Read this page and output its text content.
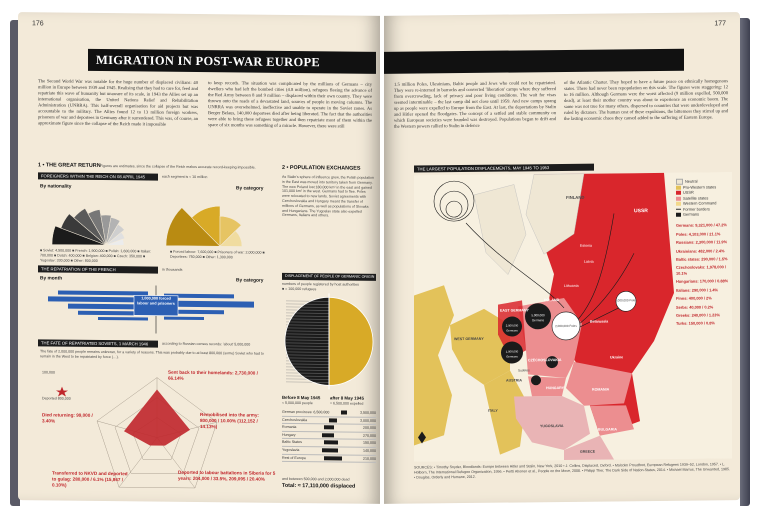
176
MIGRATION IN POST-WAR EUROPE
The Second World War was notable for the huge number of displaced civilians: 40 million in Europe between 1939 and 1945. Realising that they had to care for, feed and repatriate this wave of humanity but unaware of its scale, in 1943 the Allies set up an international organisation, the United Nations Relief and Rehabilitation Administration (UNRRA). This half-overall organisation for aid projects but was accountable to the military. The Allies found 12 to 13 million foreign workers, prisoners of war and deportees in Germany after it surrendered. This was, of course, an approximate figure since the collapse of the Reich made it impossible
to keep records. The situation was complicated by the millions of Germans – city dwellers who had left the bombed cities (4.8 million), refugees fleeing the advance of the Red Army between 8 and 9 million – displaced within their own country. They were thrown onto the roads of a devastated land, sources of people in moving columns. The UNRRA was overwhelmed, ineffective and unable to operate in the Soviet zones. As Berger Belaus, 140,000 deportees died after being liberated. The fact that the authorities were able to bring these refugees together and then repatriate most of them within the space of six months was something of a miracle. However, there were still
1 • THE GREAT RETURN Figures are estimates, since the collapse of the Reich makes accurate record-keeping impossible.
FOREIGNERS WITHIN THE REICH ON 08 APRIL 1945	each segment is ≈ 10 million
By nationality	By category
■ Soviet: 4,500,000 ■ French: 1,900,000 ■ Polish: 1,600,000 ■ Italian: 700,000 ■ Dutch: 400,000 ■ Belgian: 400,000 ■ Czech: 350,000 ■ Yugoslav: 330,000 ■ Other: 800,000
■ Forced labour: 7,600,000 ■ Prisoners of war: 2,000,000 ■ Deportees: 750,000 ■ Other: 1,300,000
THE REPATRIATION OF THE FRENCH	in thousands
By month	By category
1,000,000 forced labour and prisoners
THE FATE OF REPATRIATED SOVIETS, 1 MARCH 1946	according to Russian census records: 'about' 5,000,000
The fate of 2,000,000 people remains unknown, for a variety of reasons. This was probably due to at least 800,000 (some) Soviet who had to remain in the West to be repatriated by force (…).
100,000
Deported 800,000
Sent back to their homelands: 2,730,000 / 66.14%
Remobilised into the army: 800,000 / 10.00% (112,152 / 14.13%)
Died returning: 99,000 / 3.40%
Transferred to NKVD and deported to gulag: 280,000 / 6.1% (15,867 / 0.10%)
Deported to labour battalions in Siberia for 5 years: 204,000 / 33.5%, 209,095 / 20.40%
2 • POPULATION EXCHANGES
As Stalin's sphere of influence grew, the Polish population in the East was moved into territory taken from Germany. The new Poland lost 180,000 km² in the east and gained 101,000 km² in the west. Germans had to flee. Poles were relocated to new lands. Soviet agreements with Czechoslovakia and Hungary meant the transfer of millions of Germans, as well as populations of Slovaks and Hungarians. The Yugoslav state also expelled Germans, Italians and others.
DISPLACEMENT OF PEOPLE OF GERMANIC ORIGIN
numbers of people registered by host authorities
■ = 100,000 refugees
Before 8 May 1945
≈ 5,000,000 people
after 8 May 1945
≈ 6,500,000 expelled
German provinces: 6,500,000	3,500,000
Czechoslovakia	3,000,000
Romania	200,000
Hungary	270,000
Baltic States	150,000
Yugoslavia	140,000
Rest of Europe	210,000
and between 500,000 and 2,000,000 dead
Total: ≈ 17,110,000 displaced
177
1.5 million Poles, Ukrainians, Baltic people and Jews who could not be repatriated. They were re-interned in barracks and converted 'liberation' camps where they suffered from overcrowding, lack of privacy and poor living conditions. The wait for visas seemed interminable – the last camp did not close until 1959. And new camps sprang up as people were expelled to Europe from the East. At last, the deportations by Stalin and Hitler opened the floodgates. The concept of a settled and stable community on which European societies were founded was destroyed. Populations began to drift and the Western powers rallied to Stalin in defence
of the Atlantic Charter. They hoped to have a future peace on ethnically homogenous states. There had never been repopulation on this scale. The figures were staggering: 12 to 16 million. Although Germans were the worst affected (9 million expelled, 500,000 dead), at least their mother country was about to experience an economic boom. The same was not true for many others, dispersed to countries that were underdeveloped and ruled by dictators. The human cost of these expulsions, the bitterness they stirred up and the lasting economic chaos they caused added to the suffering of Eastern Europe.
THE LARGEST POPULATION DISPLACEMENTS, MAY 1945 TO 1953
FINLAND
USSR
Estonia
Latvia
Lithuania
POLAND
EAST GERMANY
WEST GERMANY
CZECHOSLOVAKIA
AUSTRIA
HUNGARY	ROMANIA
YUGOSLAVIA
BULGARIA
ITALY
GREECE
Belarussia
Ukraine
Sudetes
5,000,000 Germans
2,000,000 Poles
3,000,000 Poles
2,000,000 Germans
1,000,000 Germans
Neutral
Pro-Western states
USSR
Satellite states
Western Command
Former borders
Germans
Germans: 9,321,000 / 47.2%
Poles: 4,103,000 / 21.1%
Russians: 2,300,000 / 11.9%
Ukrainians: 482,000 / 2.4%
Baltic states: 290,000 / 1.5%
Czechoslovaks: 1,978,000 / 10.1%
Hungarians: 170,000 / 0.88%
Italians: 290,000 / 1.4%
Finns: 400,000 / 2%
Serbs: 40,000 / 0.2%
Greeks: 240,000 / 1.23%
Turks: 150,000 / 0.8%
SOURCES: • Timothy Snyder, Bloodlands: Europe between Hitler and Stalin, New York, 2010 • J. Collins, Displaced, Oxford. • Malcolm Proudfoot, European Refugees 1939–52, London, 1957. • L. Holborn, The International Refugee Organization, 1956. • Pertti Ahonen et al., People on the Move, 2008. • Philipp Ther, The Dark Side of Nation-States, 2014. • Michael Marrus, The Unwanted, 1985. • Douglas, Orderly and Humane, 2012.
